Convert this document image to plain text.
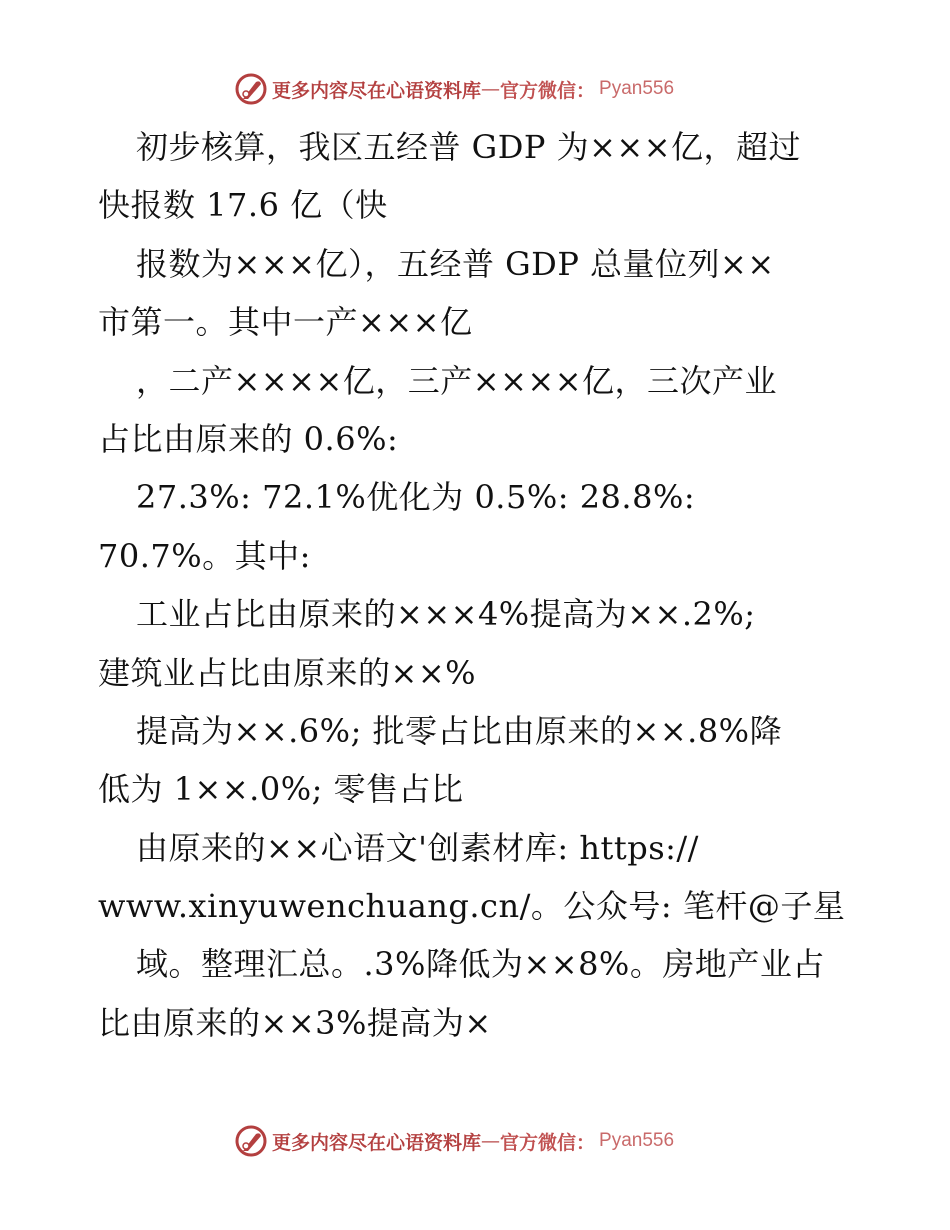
更多内容尽在心语资料库 — 官方微信： Pyan556
初步核算，我区五经普 GDP 为×××亿，超过
快报数 17.6 亿（快
报数为×××亿），五经普 GDP 总量位列××
市第一。其中一产×××亿
，二产××××亿，三产××××亿，三次产业
占比由原来的 0.6%:
27.3%: 72.1%优化为 0.5%: 28.8%:
70.7%。其中:
工业占比由原来的×××4%提高为××.2%;
建筑业占比由原来的××%
提高为××.6%; 批零占比由原来的××.8%降
低为 1××.0%; 零售占比
由原来的××心语文'创素材库: https://
www.xinyuwenchuang.cn/。公众号: 笔杆@子星
域。整理汇总。.3%降低为××8%。房地产业占
比由原来的××3%提高为×
更多内容尽在心语资料库 — 官方微信： Pyan556
